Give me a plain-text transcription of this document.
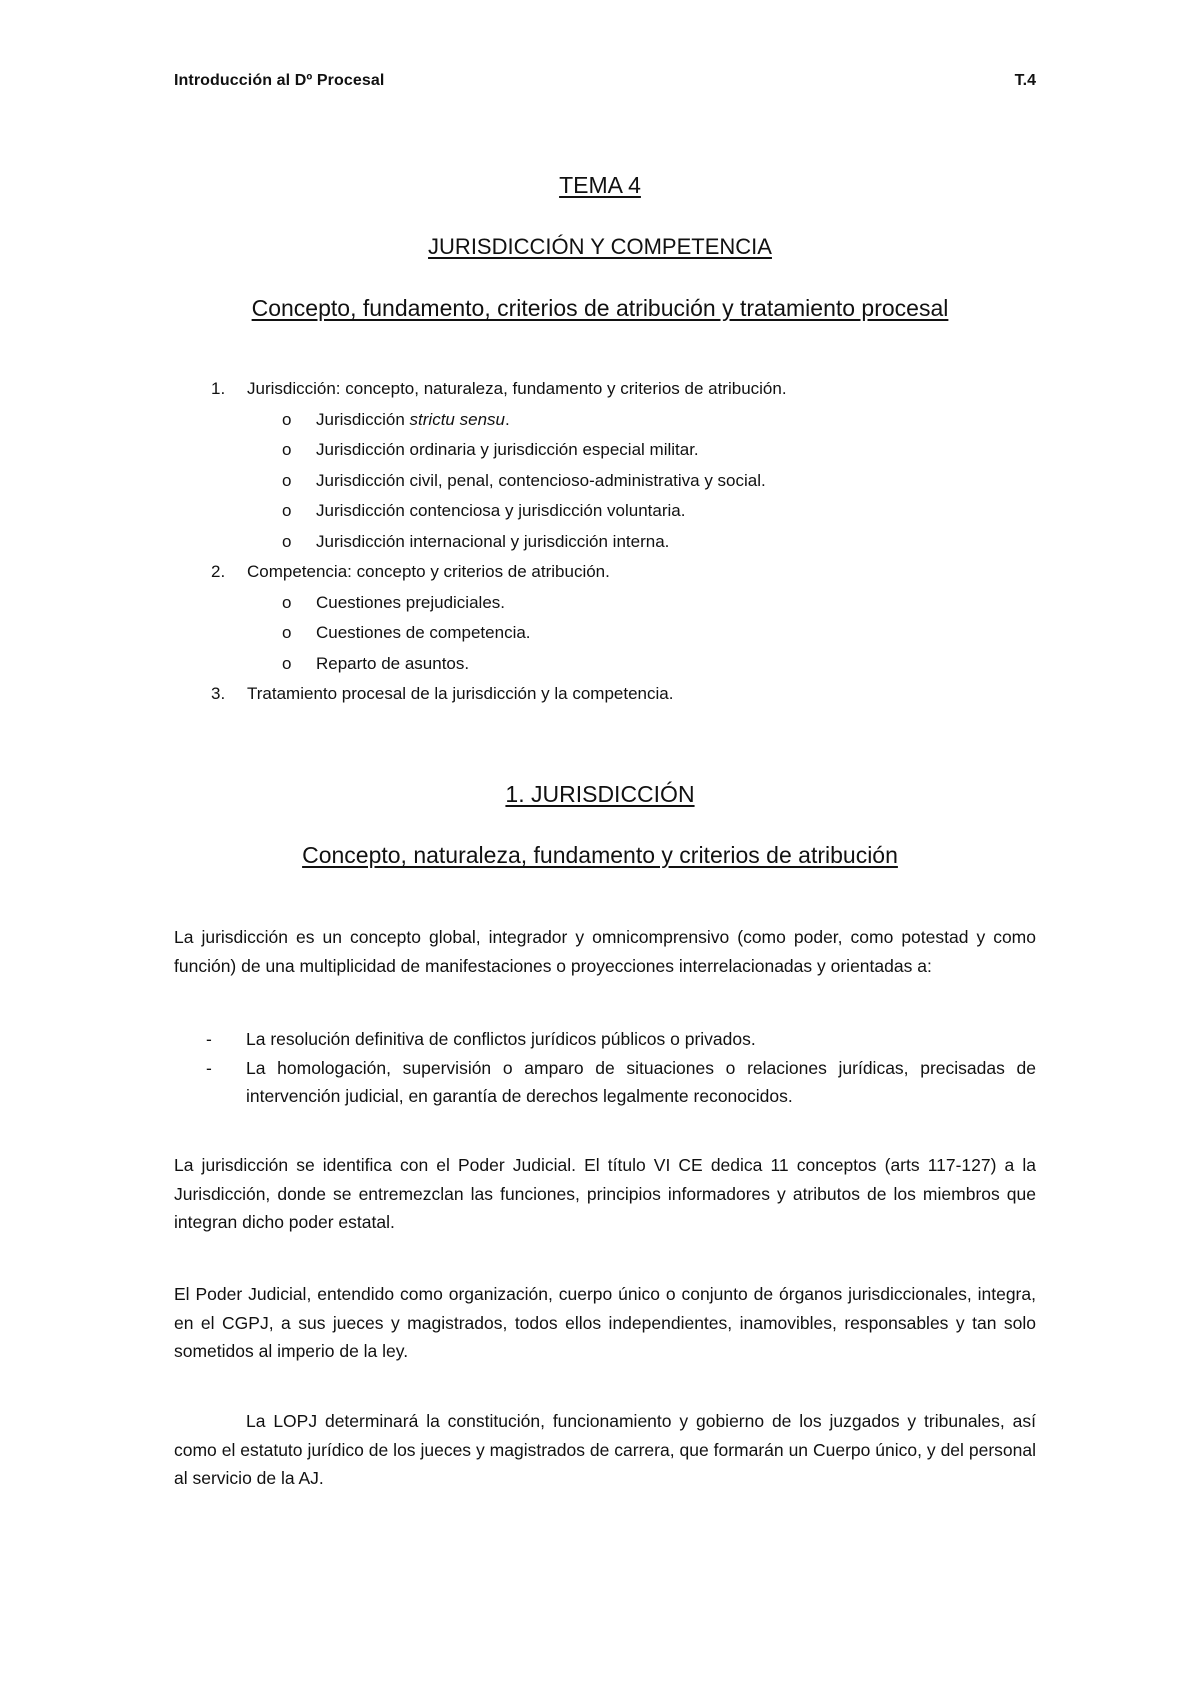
Introducción al Dº Procesal	T.4
TEMA 4
JURISDICCIÓN Y COMPETENCIA
Concepto, fundamento, criterios de atribución y tratamiento procesal
1. Jurisdicción: concepto, naturaleza, fundamento y criterios de atribución.
o Jurisdicción strictu sensu.
o Jurisdicción ordinaria y jurisdicción especial militar.
o Jurisdicción civil, penal, contencioso-administrativa y social.
o Jurisdicción contenciosa y jurisdicción voluntaria.
o Jurisdicción internacional y jurisdicción interna.
2. Competencia: concepto y criterios de atribución.
o Cuestiones prejudiciales.
o Cuestiones de competencia.
o Reparto de asuntos.
3. Tratamiento procesal de la jurisdicción y la competencia.
1. JURISDICCIÓN
Concepto, naturaleza, fundamento y criterios de atribución

La jurisdicción es un concepto global, integrador y omnicomprensivo (como poder, como potestad y como función) de una multiplicidad de manifestaciones o proyecciones interrelacionadas y orientadas a:

- La resolución definitiva de conflictos jurídicos públicos o privados.
- La homologación, supervisión o amparo de situaciones o relaciones jurídicas, precisadas de intervención judicial, en garantía de derechos legalmente reconocidos.

La jurisdicción se identifica con el Poder Judicial. El título VI CE dedica 11 conceptos (arts 117-127) a la Jurisdicción, donde se entremezclan las funciones, principios informadores y atributos de los miembros que integran dicho poder estatal.

El Poder Judicial, entendido como organización, cuerpo único o conjunto de órganos jurisdiccionales, integra, en el CGPJ, a sus jueces y magistrados, todos ellos independientes, inamovibles, responsables y tan solo sometidos al imperio de la ley.

La LOPJ determinará la constitución, funcionamiento y gobierno de los juzgados y tribunales, así como el estatuto jurídico de los jueces y magistrados de carrera, que formarán un Cuerpo único, y del personal al servicio de la AJ.
